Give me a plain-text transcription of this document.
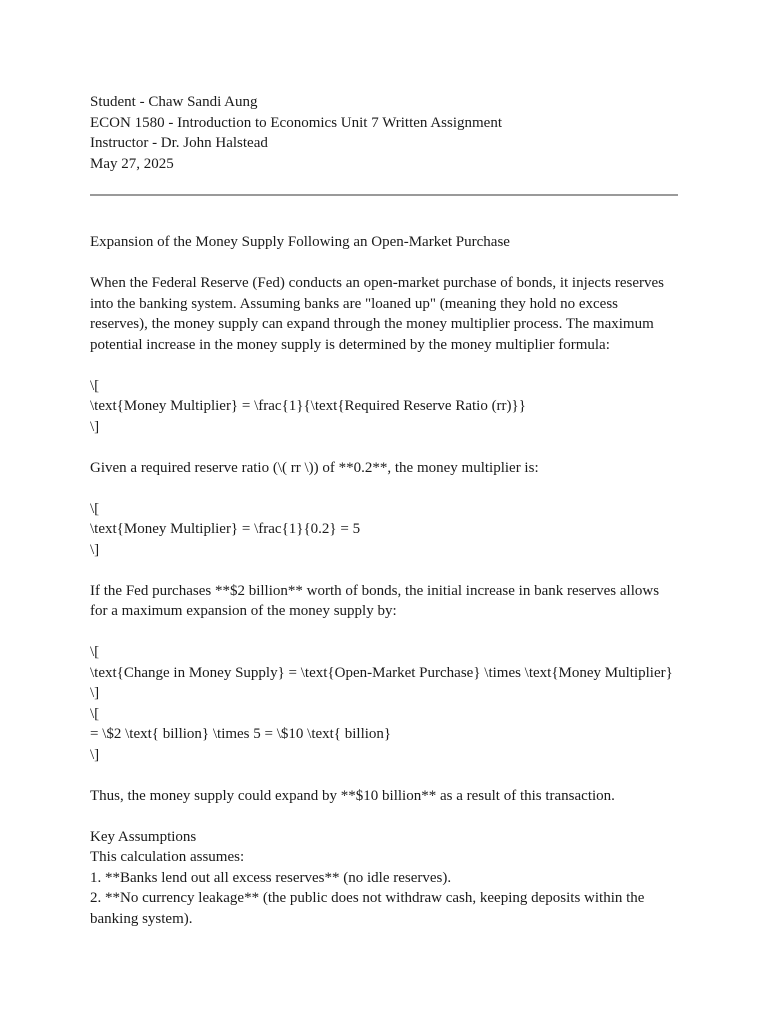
Student - Chaw Sandi Aung

ECON 1580 - Introduction to Economics Unit 7 Written Assignment

Instructor - Dr. John Halstead

May 27, 2025

Expansion of the Money Supply Following an Open-Market Purchase

When the Federal Reserve (Fed) conducts an open-market purchase of bonds, it injects reserves into the banking system. Assuming banks are "loaned up" (meaning they hold no excess reserves), the money supply can expand through the money multiplier process. The maximum potential increase in the money supply is determined by the money multiplier formula:

\[

\text{Money Multiplier} = \frac{1}{\text{Required Reserve Ratio (rr)}}

\]

Given a required reserve ratio (\( rr \)) of **0.2**, the money multiplier is:

\[

\text{Money Multiplier} = \frac{1}{0.2} = 5

\]

If the Fed purchases **$2 billion** worth of bonds, the initial increase in bank reserves allows for a maximum expansion of the money supply by:

\[

\text{Change in Money Supply} = \text{Open-Market Purchase} \times \text{Money Multiplier}

\]

\[

= \$2 \text{ billion} \times 5 = \$10 \text{ billion}

\]

Thus, the money supply could expand by **$10 billion** as a result of this transaction.

Key Assumptions

This calculation assumes:

1. **Banks lend out all excess reserves** (no idle reserves).

2. **No currency leakage** (the public does not withdraw cash, keeping deposits within the banking system).
